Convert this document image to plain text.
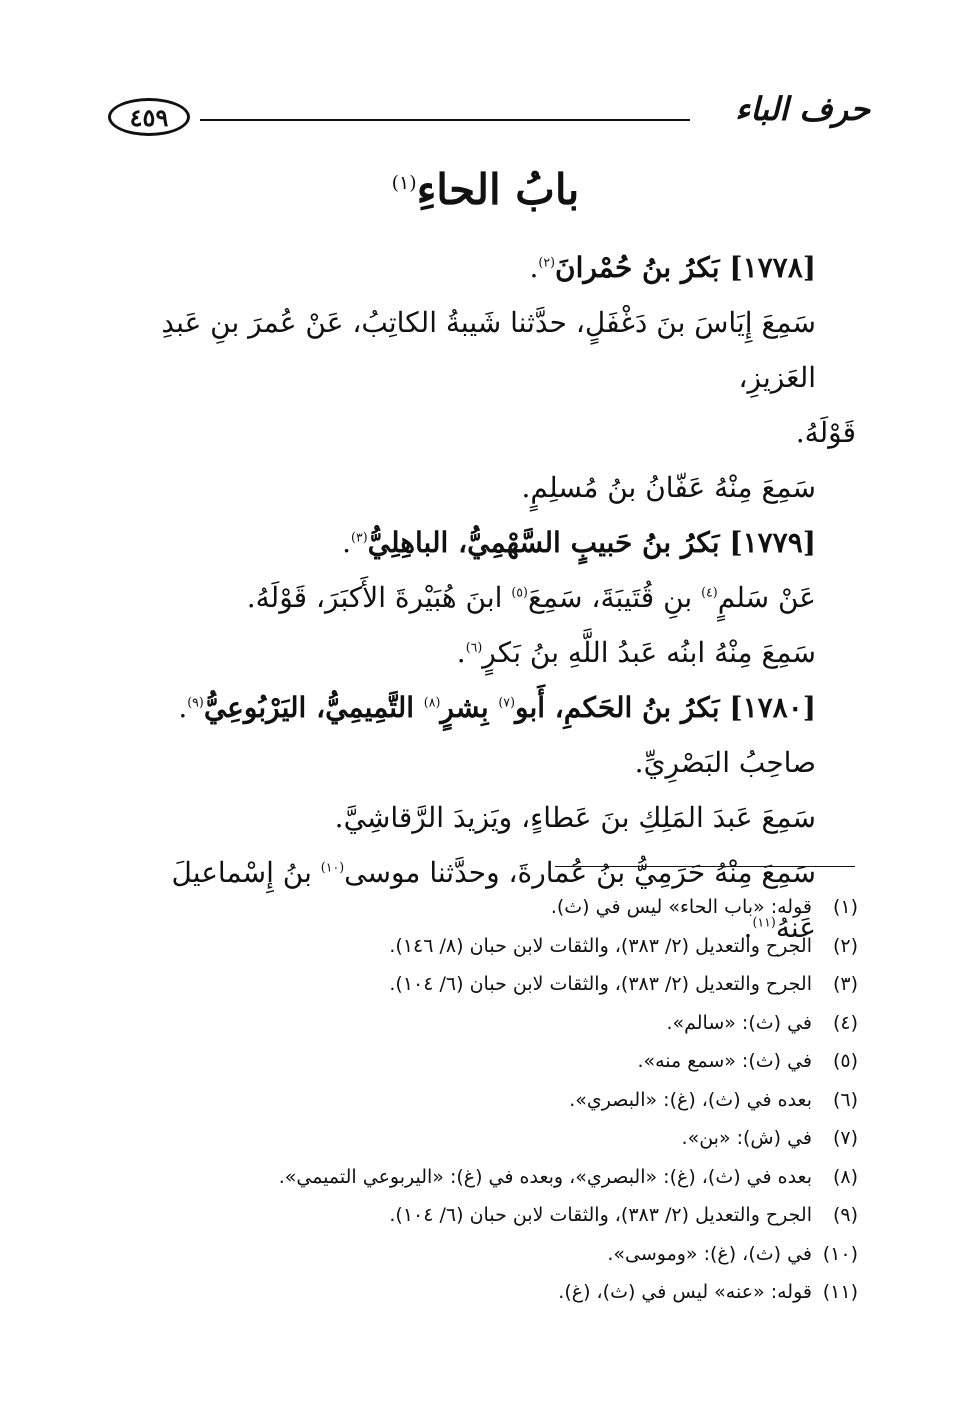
٤٥٩	حرف الباء
بابُ الحاءِ$^{(١)}$

[١٧٧٨] بَكرُ بنُ حُمْرانَ$^{(٢)}$.

سَمِعَ إِيَاسَ بنَ دَغْفَلٍ، حدَّثنا شَيبةُ الكاتِبُ، عَنْ عُمرَ بنِ عَبدِ العَزيزِ،

قَوْلَهُ.

سَمِعَ مِنْهُ عَفّانُ بنُ مُسلِمٍ.

[١٧٧٩] بَكرُ بنُ حَبيبٍ السَّهْمِيُّ، الباهِلِيُّ$^{(٣)}$.

عَنْ سَلمٍ$^{(٤)}$ بنِ قُتَيبَةَ، سَمِعَ$^{(٥)}$ ابنَ هُبَيْرةَ الأَكبَرَ، قَوْلَهُ.

سَمِعَ مِنْهُ ابنُه عَبدُ اللَّهِ بنُ بَكرٍ$^{(٦)}$.

[١٧٨٠] بَكرُ بنُ الحَكمِ، أَبو$^{(٧)}$ بِشرٍ$^{(٨)}$ التَّمِيمِيُّ، اليَرْبُوعِيُّ$^{(٩)}$.

صاحِبُ البَصْرِيِّ.

سَمِعَ عَبدَ المَلِكِ بنَ عَطاءٍ، ويَزيدَ الرَّقاشِيَّ.

سَمِعَ مِنْهُ حَرَمِيُّ بنُ عُمارةَ، وحدَّثنا موسى$^{(١٠)}$ بنُ إِسْماعيلَ عَنهُ$^{(١١)}$.

(١)قوله: «باب الحاء» ليس في (ث).
(٢)الجرح والتعديل (٢/ ٣٨٣)، والثقات لابن حبان (٨/ ١٤٦).
(٣)الجرح والتعديل (٢/ ٣٨٣)، والثقات لابن حبان (٦/ ١٠٤).
(٤)في (ث): «سالم».
(٥)في (ث): «سمع منه».
(٦)بعده في (ث)، (غ): «البصري».
(٧)في (ش): «بن».
(٨)بعده في (ث)، (غ): «البصري»، وبعده في (غ): «اليربوعي التميمي».
(٩)الجرح والتعديل (٢/ ٣٨٣)، والثقات لابن حبان (٦/ ١٠٤).
(١٠)في (ث)، (غ): «وموسى».
(١١)قوله: «عنه» ليس في (ث)، (غ).
